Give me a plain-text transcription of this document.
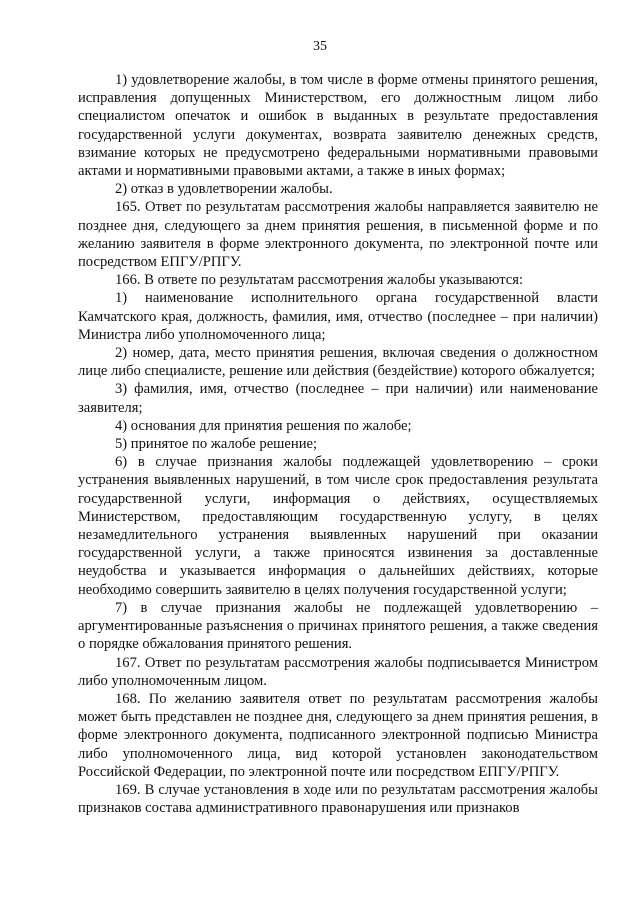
35

1) удовлетворение жалобы, в том числе в форме отмены принятого решения, исправления допущенных Министерством, его должностным лицом либо специалистом опечаток и ошибок в выданных в результате предоставления государственной услуги документах, возврата заявителю денежных средств, взимание которых не предусмотрено федеральными нормативными правовыми актами и нормативными правовыми актами, а также в иных формах;

2) отказ в удовлетворении жалобы.

165. Ответ по результатам рассмотрения жалобы направляется заявителю не позднее дня, следующего за днем принятия решения, в письменной форме и по желанию заявителя в форме электронного документа, по электронной почте или посредством ЕПГУ/РПГУ.

166. В ответе по результатам рассмотрения жалобы указываются:

1) наименование исполнительного органа государственной власти Камчатского края, должность, фамилия, имя, отчество (последнее – при наличии) Министра либо уполномоченного лица;

2) номер, дата, место принятия решения, включая сведения о должностном лице либо специалисте, решение или действия (бездействие) которого обжалуется;

3) фамилия, имя, отчество (последнее – при наличии) или наименование заявителя;

4) основания для принятия решения по жалобе;

5) принятое по жалобе решение;

6) в случае признания жалобы подлежащей удовлетворению – сроки устранения выявленных нарушений, в том числе срок предоставления результата государственной услуги, информация о действиях, осуществляемых Министерством, предоставляющим государственную услугу, в целях незамедлительного устранения выявленных нарушений при оказании государственной услуги, а также приносятся извинения за доставленные неудобства и указывается информация о дальнейших действиях, которые необходимо совершить заявителю в целях получения государственной услуги;

7) в случае признания жалобы не подлежащей удовлетворению – аргументированные разъяснения о причинах принятого решения, а также сведения о порядке обжалования принятого решения.

167. Ответ по результатам рассмотрения жалобы подписывается Министром либо уполномоченным лицом.

168. По желанию заявителя ответ по результатам рассмотрения жалобы может быть представлен не позднее дня, следующего за днем принятия решения, в форме электронного документа, подписанного электронной подписью Министра либо уполномоченного лица, вид которой установлен законодательством Российской Федерации, по электронной почте или посредством ЕПГУ/РПГУ.

169. В случае установления в ходе или по результатам рассмотрения жалобы признаков состава административного правонарушения или признаков
